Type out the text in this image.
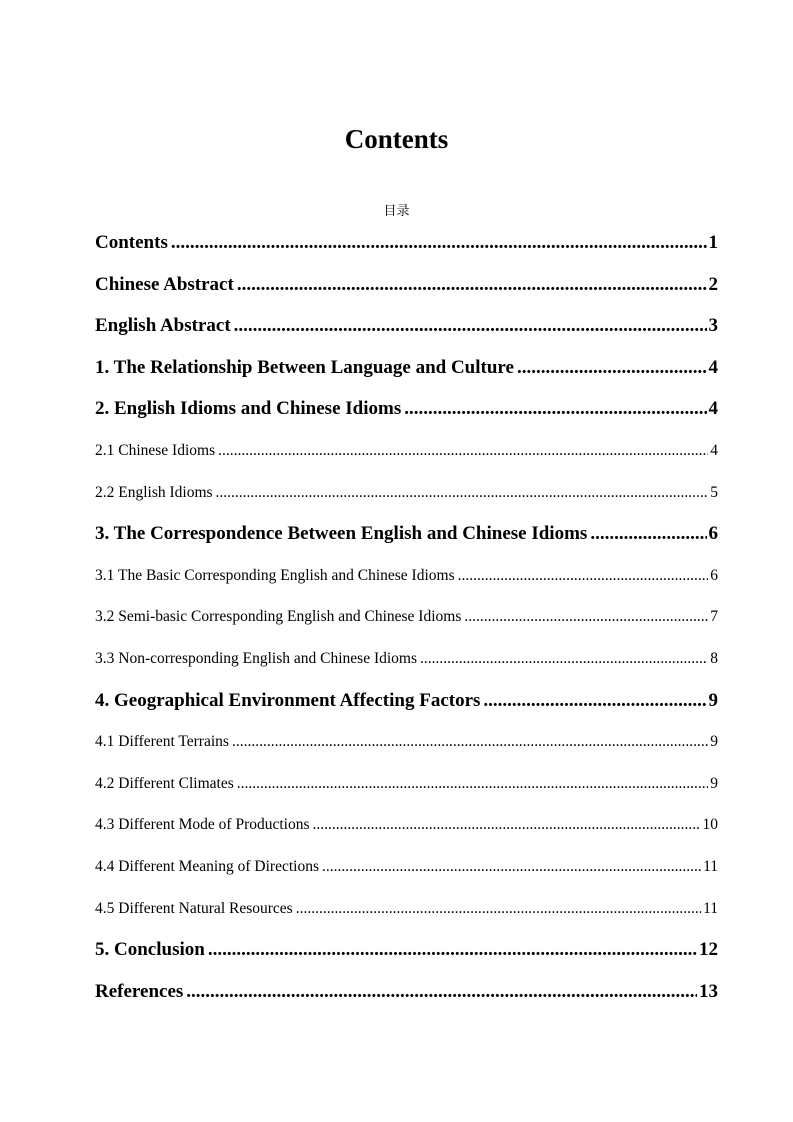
Contents
目录
Contents .....	1
Chinese Abstract .....	2
English Abstract .....	3
1. The Relationship Between Language and Culture .....	4
2. English Idioms and Chinese Idioms .....	4
2.1 Chinese Idioms .....	4
2.2 English Idioms .....	5
3. The Correspondence Between English and Chinese Idioms .....	6
3.1 The Basic Corresponding English and Chinese Idioms .....	6
3.2 Semi-basic Corresponding English and Chinese Idioms .....	7
3.3 Non-corresponding English and Chinese Idioms .....	8
4. Geographical Environment Affecting Factors .....	9
4.1 Different Terrains .....	9
4.2 Different Climates .....	9
4.3 Different Mode of Productions .....	10
4.4 Different Meaning of Directions .....	11
4.5 Different Natural Resources .....	11
5. Conclusion .....	12
References .....	13
